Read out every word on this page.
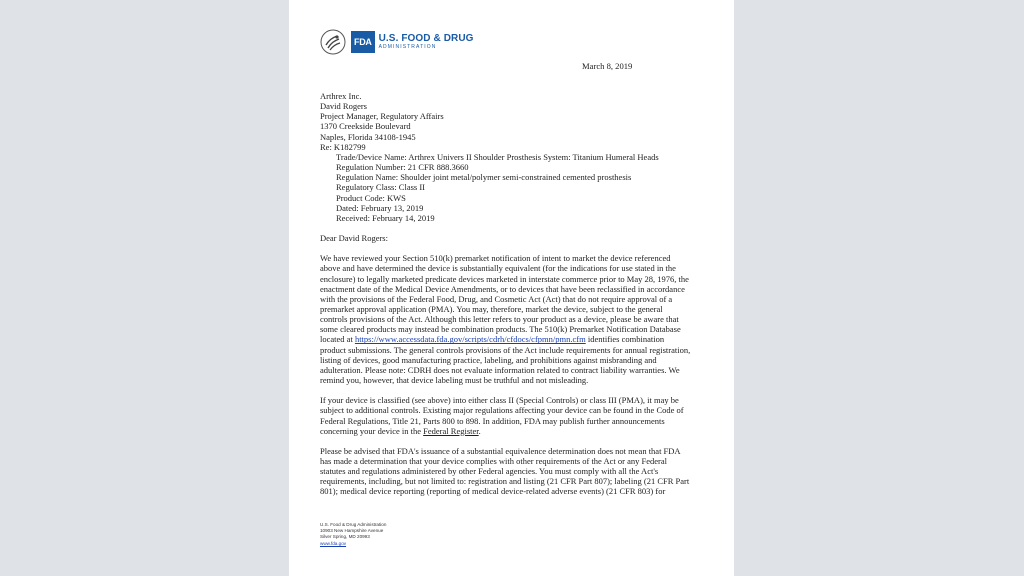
FDA U.S. FOOD & DRUG
ADMINISTRATION
March 8, 2019

Arthrex Inc.
David Rogers
Project Manager, Regulatory Affairs
1370 Creekside Boulevard
Naples, Florida 34108-1945

Re: K182799
Trade/Device Name: Arthrex Univers II Shoulder Prosthesis System: Titanium Humeral Heads
Regulation Number: 21 CFR 888.3660
Regulation Name: Shoulder joint metal/polymer semi-constrained cemented prosthesis
Regulatory Class: Class II
Product Code: KWS
Dated: February 13, 2019
Received: February 14, 2019

Dear David Rogers:

We have reviewed your Section 510(k) premarket notification of intent to market the device referenced
above and have determined the device is substantially equivalent (for the indications for use stated in the
enclosure) to legally marketed predicate devices marketed in interstate commerce prior to May 28, 1976, the
enactment date of the Medical Device Amendments, or to devices that have been reclassified in accordance
with the provisions of the Federal Food, Drug, and Cosmetic Act (Act) that do not require approval of a
premarket approval application (PMA). You may, therefore, market the device, subject to the general
controls provisions of the Act. Although this letter refers to your product as a device, please be aware that
some cleared products may instead be combination products. The 510(k) Premarket Notification Database
located at https://www.accessdata.fda.gov/scripts/cdrh/cfdocs/cfpmn/pmn.cfm identifies combination
product submissions. The general controls provisions of the Act include requirements for annual registration,
listing of devices, good manufacturing practice, labeling, and prohibitions against misbranding and
adulteration. Please note: CDRH does not evaluate information related to contract liability warranties. We
remind you, however, that device labeling must be truthful and not misleading.

If your device is classified (see above) into either class II (Special Controls) or class III (PMA), it may be
subject to additional controls. Existing major regulations affecting your device can be found in the Code of
Federal Regulations, Title 21, Parts 800 to 898. In addition, FDA may publish further announcements
concerning your device in the Federal Register.

Please be advised that FDA's issuance of a substantial equivalence determination does not mean that FDA
has made a determination that your device complies with other requirements of the Act or any Federal
statutes and regulations administered by other Federal agencies. You must comply with all the Act's
requirements, including, but not limited to: registration and listing (21 CFR Part 807); labeling (21 CFR Part
801); medical device reporting (reporting of medical device-related adverse events) (21 CFR 803) for

U.S. Food & Drug Administration
10903 New Hampshire Avenue
Silver Spring, MD 20993
www.fda.gov
